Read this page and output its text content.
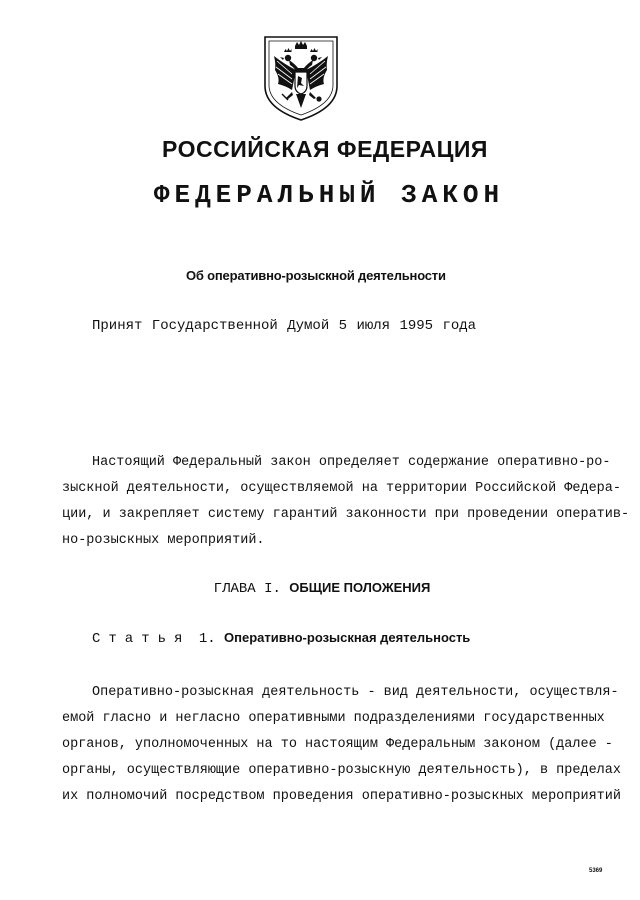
РОССИЙСКАЯ ФЕДЕРАЦИЯ
ФЕДЕРАЛЬНЫЙ ЗАКОН
Об оперативно-розыскной деятельности
Принят Государственной Думой 5 июля 1995 года
Настоящий Федеральный закон определяет содержание оперативно-ро-
зыскной деятельности, осуществляемой на территории Российской Федера-
ции, и закрепляет систему гарантий законности при проведении оператив-
но-розыскных мероприятий.
ГЛАВА I. ОБЩИЕ ПОЛОЖЕНИЯ
Статья 1. Оперативно-розыскная деятельность
Оперативно-розыскная деятельность - вид деятельности, осуществля-
емой гласно и негласно оперативными подразделениями государственных
органов, уполномоченных на то настоящим Федеральным законом (далее -
органы, осуществляющие оперативно-розыскную деятельность), в пределах
их полномочий посредством проведения оперативно-розыскных мероприятий
5369
